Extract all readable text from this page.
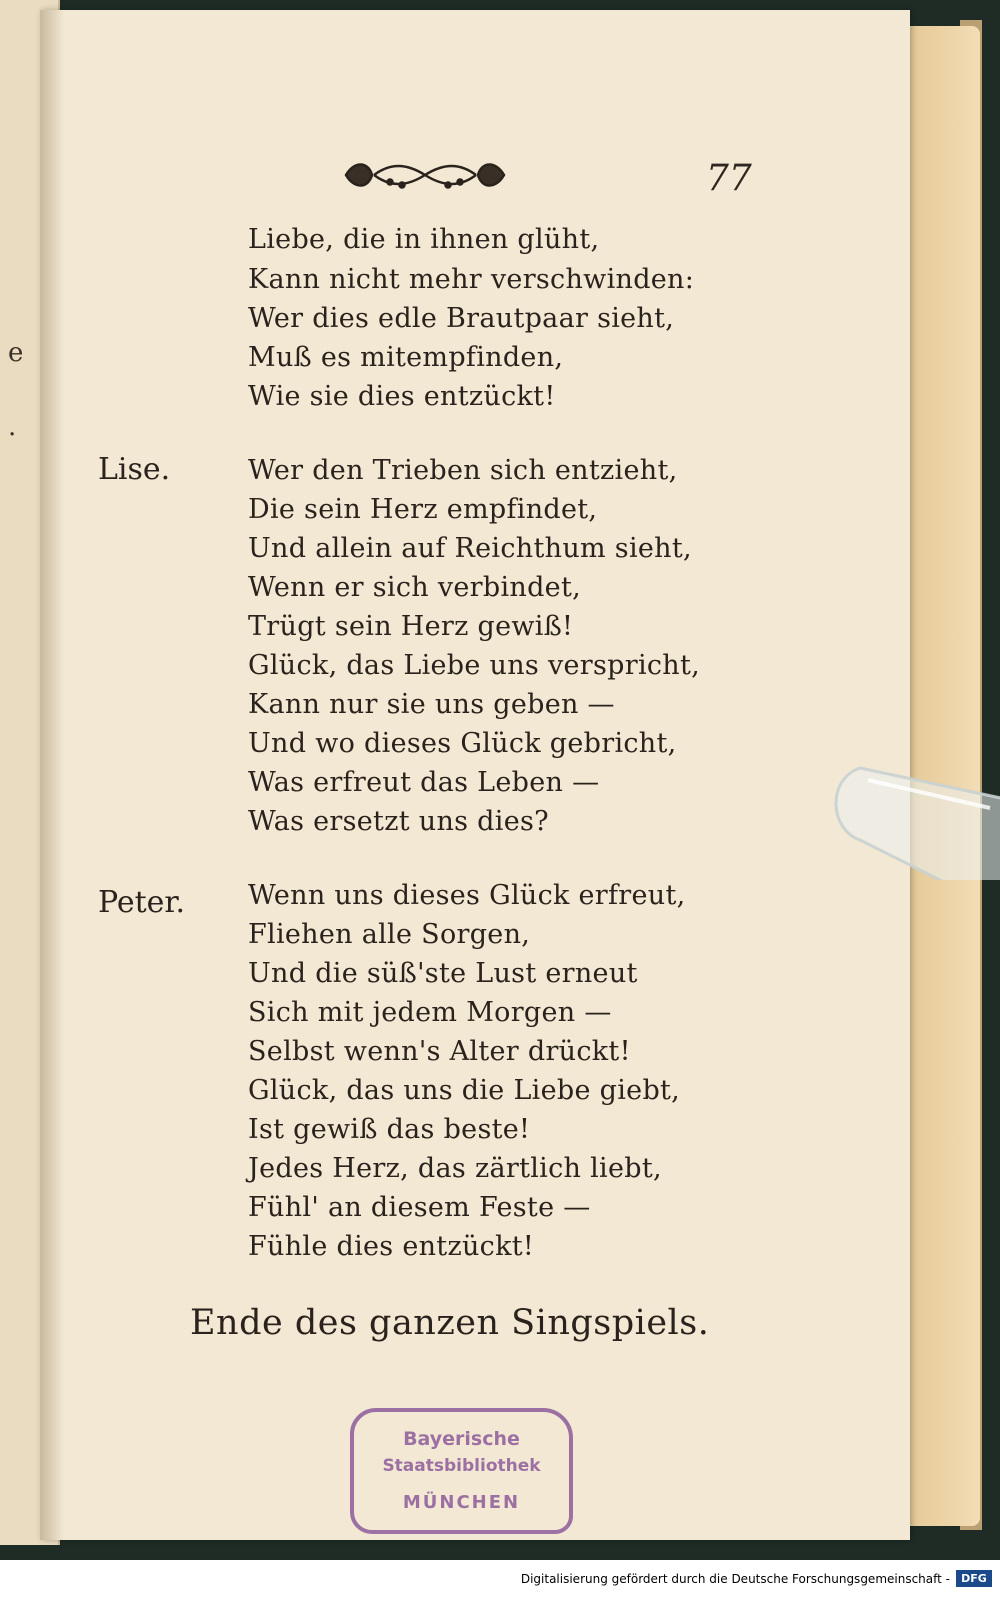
e
.
77
Liebe, die in ihnen glüht,
Kann nicht mehr verschwinden:
Wer dies edle Brautpaar sieht,
Muß es mitempfinden,
Wie sie dies entzückt!
Lise.	Wer den Trieben sich entzieht,
Die sein Herz empfindet,
Und allein auf Reichthum sieht,
Wenn er sich verbindet,
Trügt sein Herz gewiß!
Glück, das Liebe uns verspricht,
Kann nur sie uns geben —
Und wo dieses Glück gebricht,
Was erfreut das Leben —
Was ersetzt uns dies?
Peter. Wenn uns dieses Glück erfreut,
Fliehen alle Sorgen,
Und die süß'ste Lust erneut
Sich mit jedem Morgen —
Selbst wenn's Alter drückt!
Glück, das uns die Liebe giebt,
Ist gewiß das beste!
Jedes Herz, das zärtlich liebt,
Fühl' an diesem Feste —
Fühle dies entzückt!
Ende des ganzen Singspiels.
Bayerische
Staatsbibliothek
MÜNCHEN
Digitalisierung gefördert durch die Deutsche Forschungsgemeinschaft -	DFG
